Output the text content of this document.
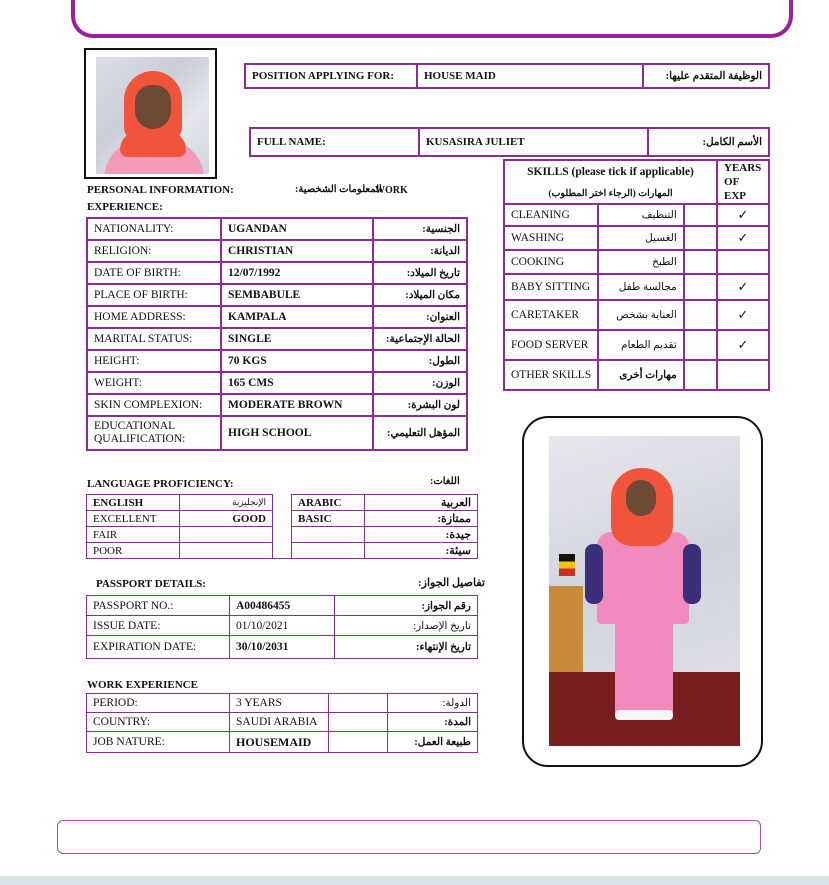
POSITION APPLYING FOR:	HOUSE MAID	الوظيفة المتقدم عليها:
FULL NAME:	KUSASIRA JULIET	الأسم الكامل:
PERSONAL INFORMATION:	المعلومات الشخصية:
WORK
EXPERIENCE:
NATIONALITY:	UGANDAN	الجنسية:
RELIGION:	CHRISTIAN	الديانة:
DATE OF BIRTH:	12/07/1992	تاريخ الميلاد:
PLACE OF BIRTH:	SEMBABULE	مكان الميلاد:
HOME ADDRESS:	KAMPALA	العنوان:
MARITAL STATUS:	SINGLE	الحالة الإجتماعية:
HEIGHT:	70 KGS	الطول:
WEIGHT:	165 CMS	الوزن:
SKIN COMPLEXION:	MODERATE BROWN	لون البشرة:
EDUCATIONAL QUALIFICATION:	HIGH SCHOOL	المؤهل التعليمي:
SKILLS (please tick if applicable)			YEARS OF EXP
المهارات (الرجاء اختر المطلوب)			
CLEANING	التنظيف		✓
WASHING	الغسيل		✓
COOKING	الطبخ		
BABY SITTING	مجالسة طفل		✓
CARETAKER	العناية بشخص		✓
FOOD SERVER	تقديم الطعام		✓
OTHER SKILLS	مهارات أخرى		
LANGUAGE PROFICIENCY:	اللغات:
ENGLISH	الإنجليزية		ARABIC	العربية
EXCELLENT	GOOD		BASIC	ممتازة:
FAIR				جيدة:
POOR				سيئة:
PASSPORT DETAILS:	تفاصيل الجواز:
PASSPORT NO.:	A00486455	رقم الجواز:
ISSUE DATE:	01/10/2021	تاريخ الإصدار:
EXPIRATION DATE:	30/10/2031	تاريخ الإنتهاء:
WORK EXPERIENCE
PERIOD:	3 YEARS		الدولة:
COUNTRY:	SAUDI ARABIA		المدة:
JOB NATURE:	HOUSEMAID		طبيعة العمل:
